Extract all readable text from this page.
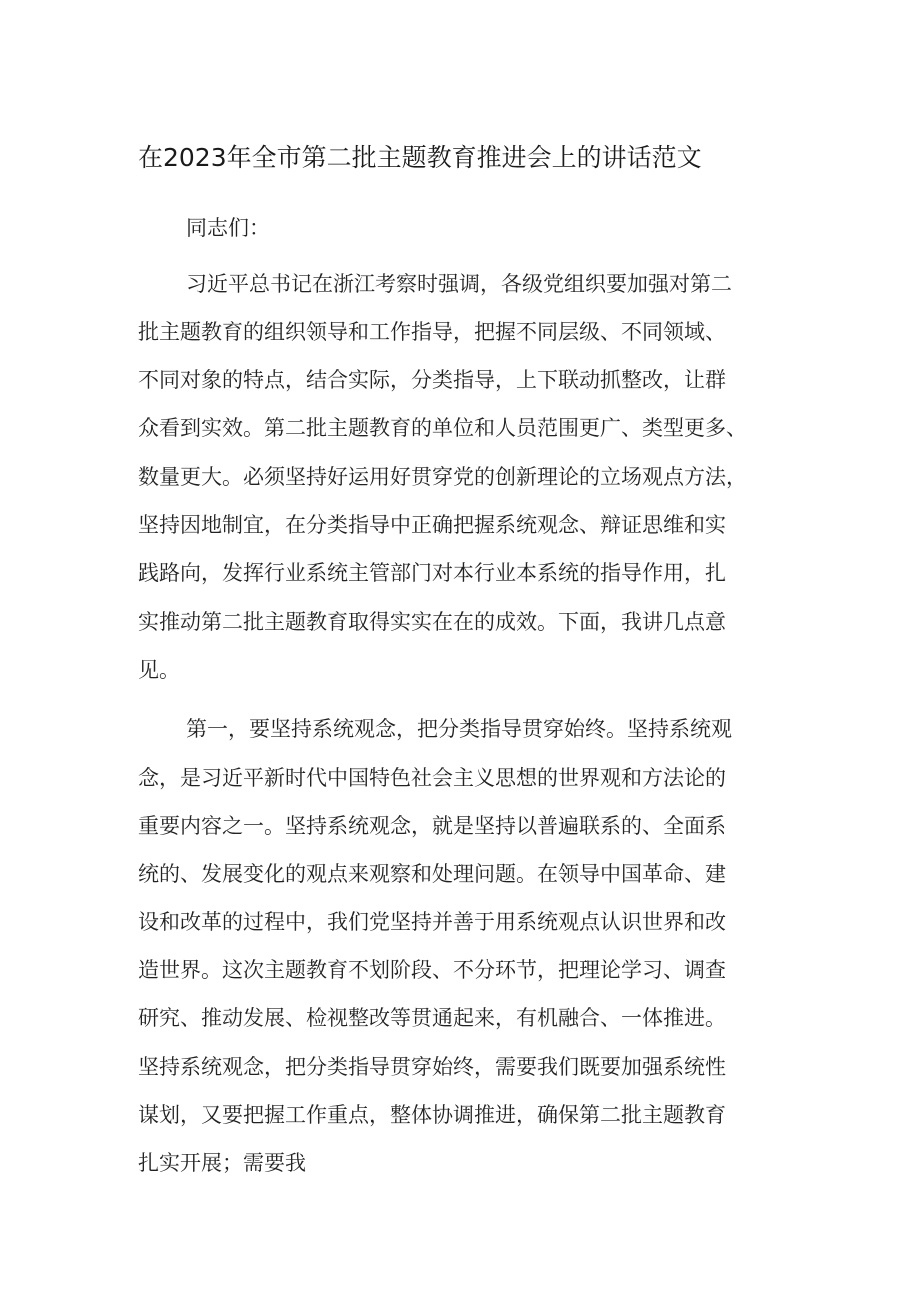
在2023年全市第二批主题教育推进会上的讲话范文

同志们：

习近平总书记在浙江考察时强调，各级党组织要加强对第二

批主题教育的组织领导和工作指导，把握不同层级、不同领域、

不同对象的特点，结合实际，分类指导，上下联动抓整改，让群

众看到实效。第二批主题教育的单位和人员范围更广、类型更多、

数量更大。必须坚持好运用好贯穿党的创新理论的立场观点方法，

坚持因地制宜，在分类指导中正确把握系统观念、辩证思维和实

践路向，发挥行业系统主管部门对本行业本系统的指导作用，扎

实推动第二批主题教育取得实实在在的成效。下面，我讲几点意

见。

第一，要坚持系统观念，把分类指导贯穿始终。坚持系统观

念，是习近平新时代中国特色社会主义思想的世界观和方法论的

重要内容之一。坚持系统观念，就是坚持以普遍联系的、全面系

统的、发展变化的观点来观察和处理问题。在领导中国革命、建

设和改革的过程中，我们党坚持并善于用系统观点认识世界和改

造世界。这次主题教育不划阶段、不分环节，把理论学习、调查

研究、推动发展、检视整改等贯通起来，有机融合、一体推进。

坚持系统观念，把分类指导贯穿始终，需要我们既要加强系统性

谋划，又要把握工作重点，整体协调推进，确保第二批主题教育

扎实开展；需要我
